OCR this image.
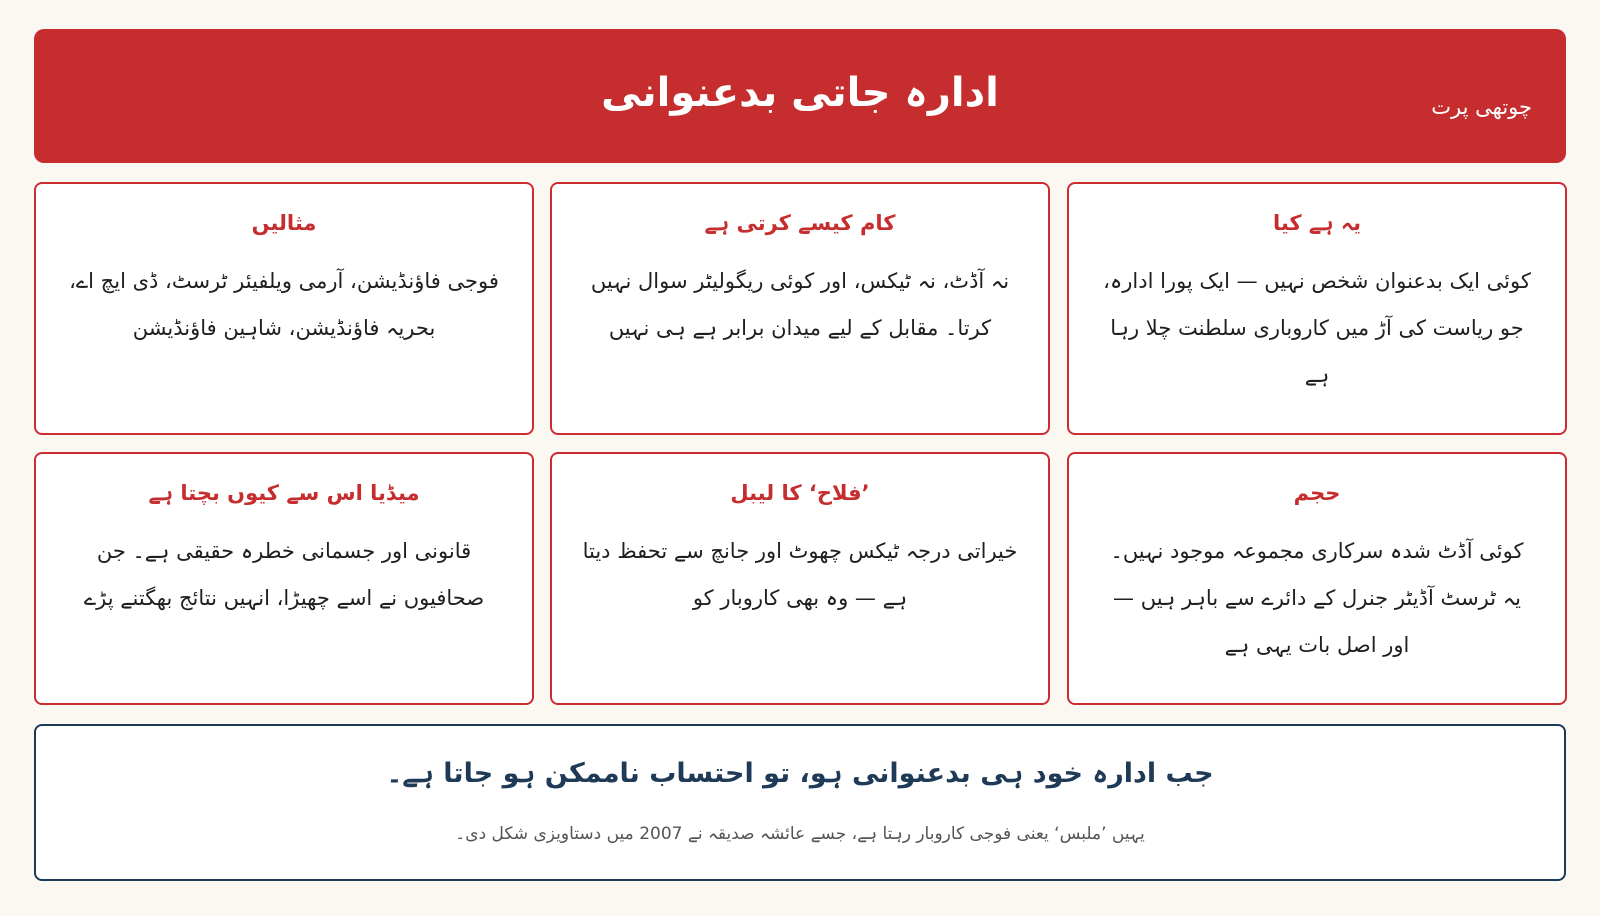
ادارہ جاتی بدعنوانی	چوتھی پرت
یہ ہے کیا
کوئی ایک بدعنوان شخص نہیں — ایک پورا ادارہ، جو ریاست کی آڑ میں کاروباری سلطنت چلا رہا ہے
کام کیسے کرتی ہے
نہ آڈٹ، نہ ٹیکس، اور کوئی ریگولیٹر سوال نہیں کرتا۔ مقابل کے لیے میدان برابر ہے ہی نہیں
مثالیں
فوجی فاؤنڈیشن، آرمی ویلفیئر ٹرسٹ، ڈی ایچ اے، بحریہ فاؤنڈیشن، شاہین فاؤنڈیشن
حجم
کوئی آڈٹ شدہ سرکاری مجموعہ موجود نہیں۔ یہ ٹرسٹ آڈیٹر جنرل کے دائرے سے باہر ہیں — اور اصل بات یہی ہے
’فلاح‘ کا لیبل
خیراتی درجہ ٹیکس چھوٹ اور جانچ سے تحفظ دیتا ہے — وہ بھی کاروبار کو
میڈیا اس سے کیوں بچتا ہے
قانونی اور جسمانی خطرہ حقیقی ہے۔ جن صحافیوں نے اسے چھیڑا، انہیں نتائج بھگتنے پڑے
جب ادارہ خود ہی بدعنوانی ہو، تو احتساب ناممکن ہو جاتا ہے۔
یہیں ’ملبس‘ یعنی فوجی کاروبار رہتا ہے، جسے عائشہ صدیقہ نے 2007 میں دستاویزی شکل دی۔
